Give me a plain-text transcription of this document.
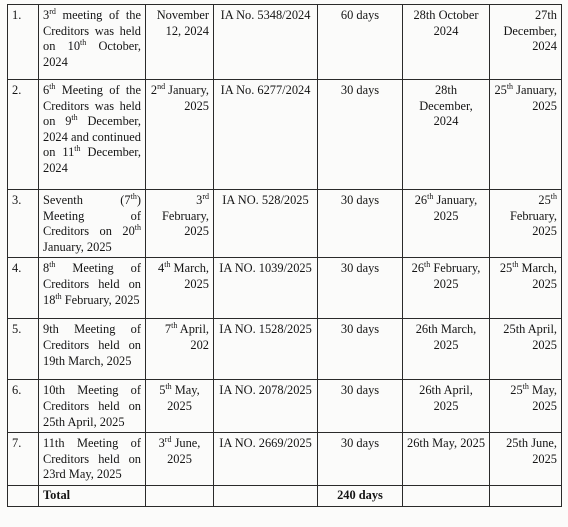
1.	3rd meeting of the Creditors was held on 10th October, 2024	November 12, 2024	IA No. 5348/2024	60 days	28th October 2024	27th December, 2024
2.	6th Meeting of the Creditors was held on 9th December, 2024 and continued on 11th December, 2024	2nd January, 2025	IA No. 6277/2024	30 days	28th December, 2024	25th January, 2025
3.	Seventh (7th) Meeting of Creditors on 20th January, 2025	3rd February, 2025	IA NO. 528/2025	30 days	26th January, 2025	25th February, 2025
4.	8th Meeting of Creditors held on 18th February, 2025	4th March, 2025	IA NO. 1039/2025	30 days	26th February, 2025	25th March, 2025
5.	9th Meeting of Creditors held on 19th March, 2025	7th April, 202	IA NO. 1528/2025	30 days	26th March, 2025	25th April, 2025
6.	10th Meeting of Creditors held on 25th April, 2025	5th May, 2025	IA NO. 2078/2025	30 days	26th April, 2025	25th May, 2025
7.	11th Meeting of Creditors held on 23rd May, 2025	3rd June, 2025	IA NO. 2669/2025	30 days	26th May, 2025	25th June, 2025
	Total			240 days		
